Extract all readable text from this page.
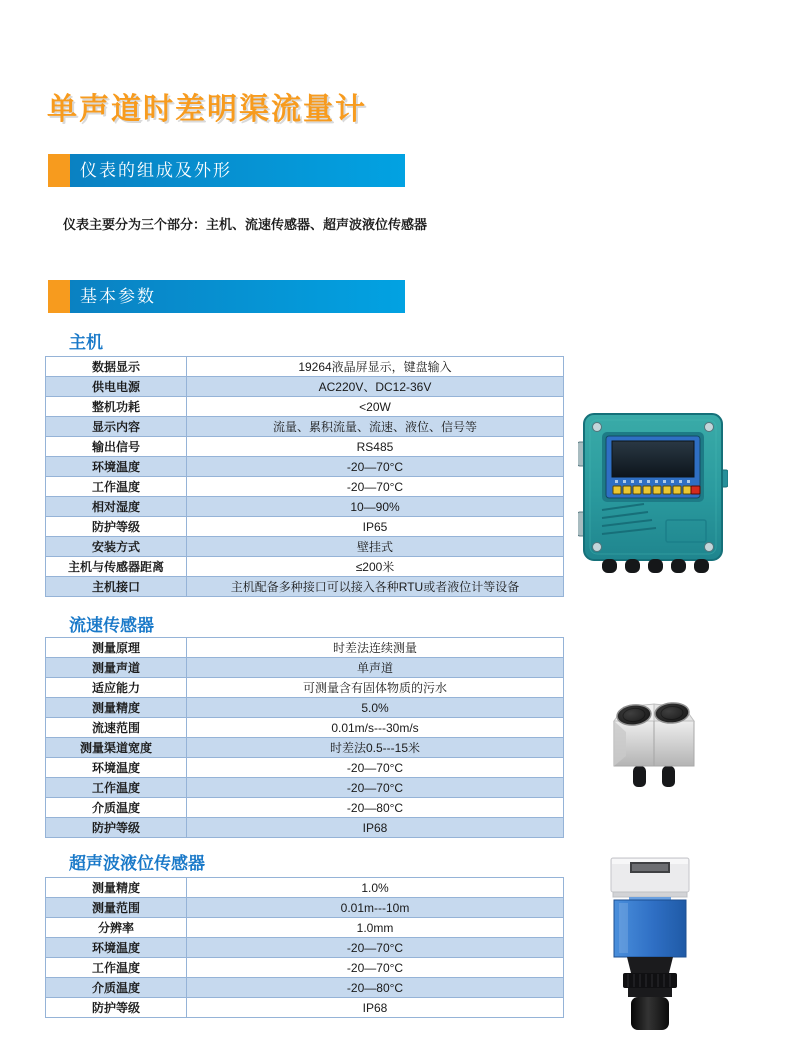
单声道时差明渠流量计
仪表的组成及外形

仪表主要分为三个部分：主机、流速传感器、超声波液位传感器

基本参数
主机
数据显示	19264液晶屏显示，键盘输入
供电电源	AC220V、DC12-36V
整机功耗	<20W
显示内容	流量、累积流量、流速、液位、信号等
输出信号	RS485
环境温度	-20—70°C
工作温度	-20—70°C
相对湿度	10—90%
防护等级	IP65
安装方式	壁挂式
主机与传感器距离	≤200米
主机接口	主机配备多种接口可以接入各种RTU或者液位计等设备
流速传感器
测量原理	时差法连续测量
测量声道	单声道
适应能力	可测量含有固体物质的污水
测量精度	5.0%
流速范围	0.01m/s---30m/s
测量渠道宽度	时差法0.5---15米
环境温度	-20—70°C
工作温度	-20—70°C
介质温度	-20—80°C
防护等级	IP68
超声波液位传感器
测量精度	1.0%
测量范围	0.01m---10m
分辨率	1.0mm
环境温度	-20—70°C
工作温度	-20—70°C
介质温度	-20—80°C
防护等级	IP68
